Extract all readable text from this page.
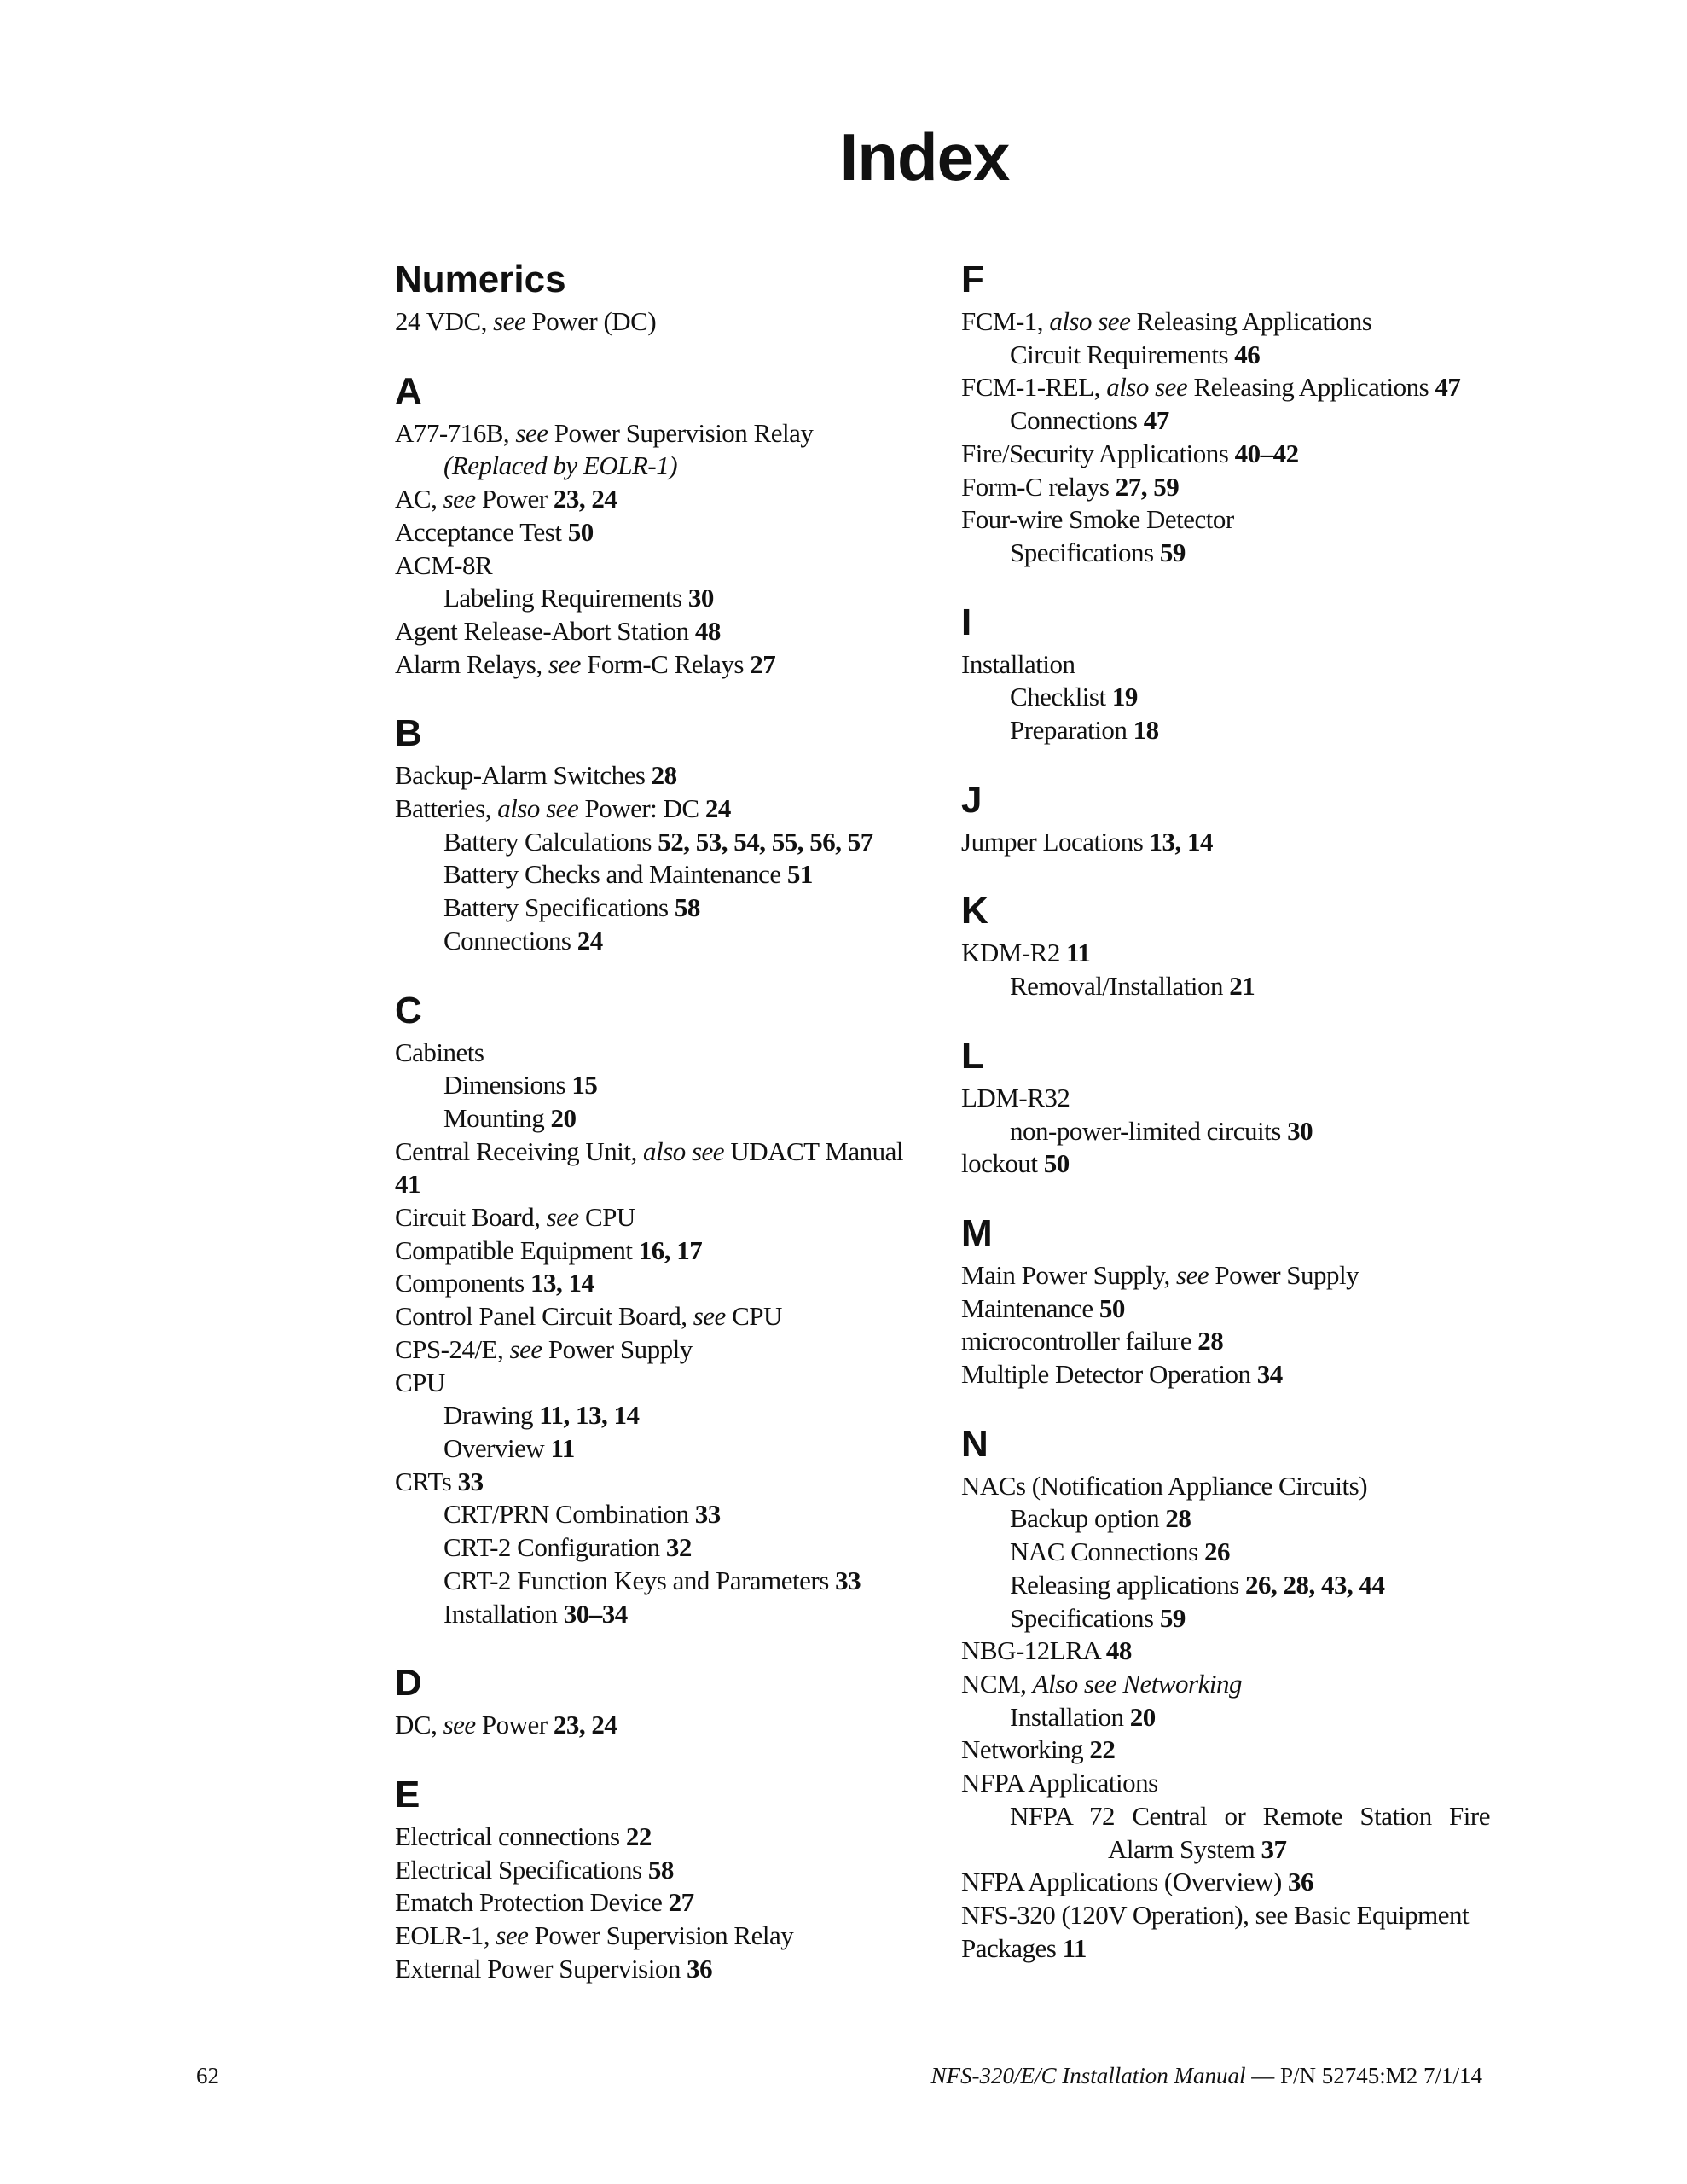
Index
Numerics
24 VDC, see Power (DC)
A
A77-716B, see Power Supervision Relay
(Replaced by EOLR-1)
AC, see Power 23, 24
Acceptance Test 50
ACM-8R
Labeling Requirements 30
Agent Release-Abort Station 48
Alarm Relays, see Form-C Relays 27
B
Backup-Alarm Switches 28
Batteries, also see Power: DC 24
Battery Calculations 52, 53, 54, 55, 56, 57
Battery Checks and Maintenance 51
Battery Specifications 58
Connections 24
C
Cabinets
Dimensions 15
Mounting 20
Central Receiving Unit, also see UDACT Manual
41
Circuit Board, see CPU
Compatible Equipment 16, 17
Components 13, 14
Control Panel Circuit Board, see CPU
CPS-24/E, see Power Supply
CPU
Drawing 11, 13, 14
Overview 11
CRTs 33
CRT/PRN Combination 33
CRT-2 Configuration 32
CRT-2 Function Keys and Parameters 33
Installation 30–34
D
DC, see Power 23, 24
E
Electrical connections 22
Electrical Specifications 58
Ematch Protection Device 27
EOLR-1, see Power Supervision Relay
External Power Supervision 36
F
FCM-1, also see Releasing Applications
Circuit Requirements 46
FCM-1-REL, also see Releasing Applications 47
Connections 47
Fire/Security Applications 40–42
Form-C relays 27, 59
Four-wire Smoke Detector
Specifications 59
I
Installation
Checklist 19
Preparation 18
J
Jumper Locations 13, 14
K
KDM-R2 11
Removal/Installation 21
L
LDM-R32
non-power-limited circuits 30
lockout 50
M
Main Power Supply, see Power Supply
Maintenance 50
microcontroller failure 28
Multiple Detector Operation 34
N
NACs (Notification Appliance Circuits)
Backup option 28
NAC Connections 26
Releasing applications 26, 28, 43, 44
Specifications 59
NBG-12LRA 48
NCM, Also see Networking
Installation 20
Networking 22
NFPA Applications
NFPA 72 Central or Remote Station Fire
Alarm System 37
NFPA Applications (Overview) 36
NFS-320 (120V Operation), see Basic Equipment
Packages 11
62	NFS-320/E/C Installation Manual — P/N 52745:M2 7/1/14
